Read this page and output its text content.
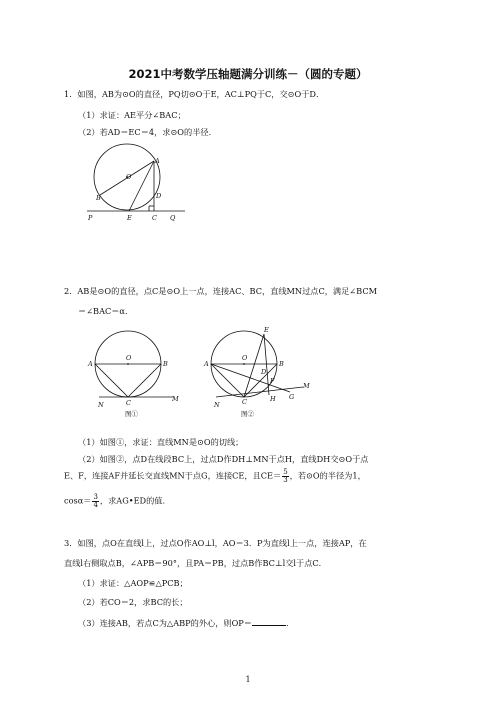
2021中考数学压轴题满分训练－（圆的专题）
1．如图，AB为⊙O的直径，PQ切⊙O于E，AC⊥PQ于C，交⊙O于D．
（1）求证：AE平分∠BAC；
（2）若AD＝EC＝4，求⊙O的半径．
A
O
B	D
P	E	C Q
2．AB是⊙O的直径，点C是⊙O上一点，连接AC、BC，直线MN过点C，满足∠BCM
＝∠BAC＝α．
A
O
B
N	C	M
图①
E
A
O
B
D
F
N	C	H G
M
图②
（1）如图①，求证：直线MN是⊙O的切线；
（2）如图②，点D在线段BC上，过点D作DH⊥MN于点H，直线DH交⊙O于点
E、F，连接AF并延长交直线MN于点G，连接CE，且$CE= \frac{5}{3}$ ，若⊙O的半径为1，
$\cos\alpha= \frac{3}{4}$ ，求AG•ED的值．
3．如图，点O在直线l上，过点O作AO⊥l，AO＝3．P为直线l上一点，连接AP，在
直线l右侧取点B，∠APB＝90°，且PA＝PB，过点B作BC⊥l交l于点C．
（1）求证：△AOP≌△PCB；
（2）若CO＝2，求BC的长；
（3）连接AB，若点C为△ABP的外心，则OP＝	．
1
